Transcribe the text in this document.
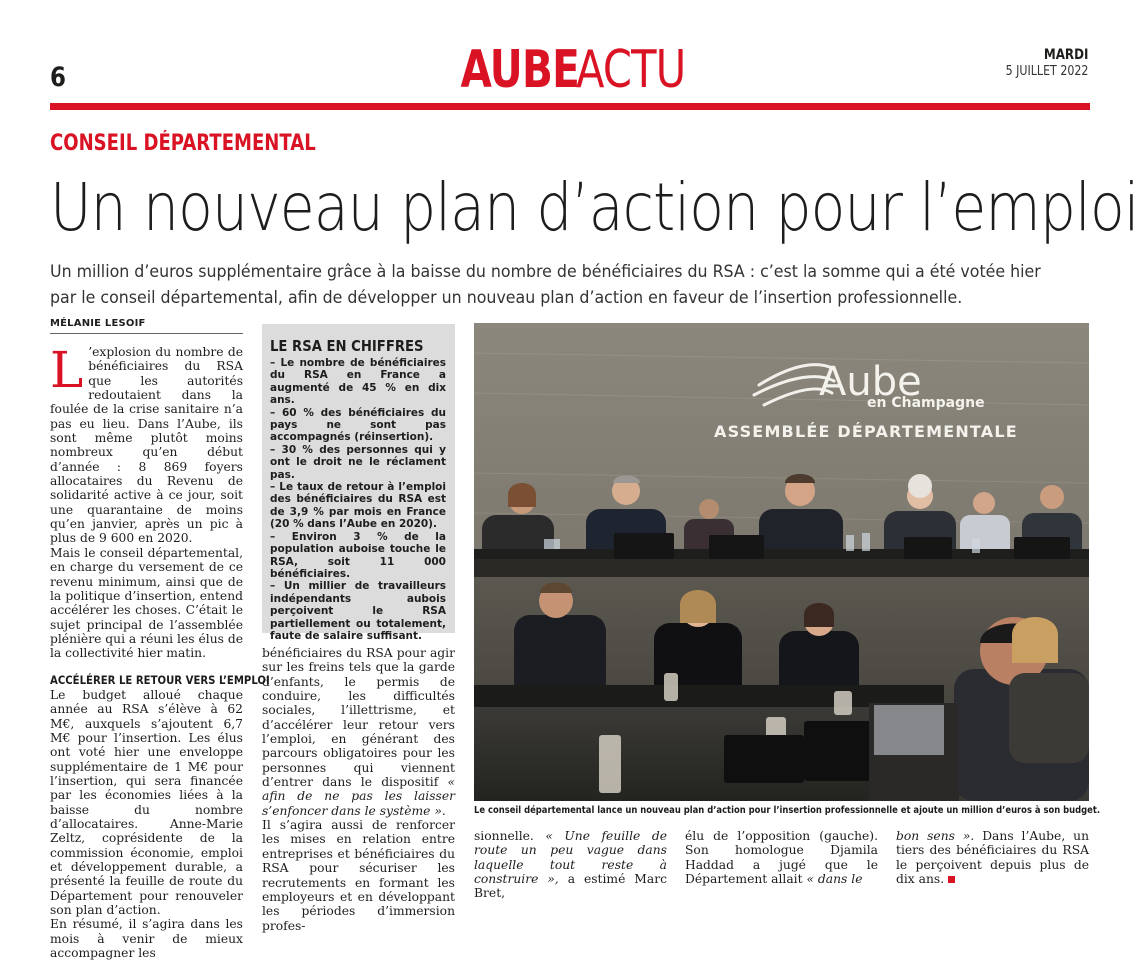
6	AUBE ACTU	MARDI
5 JUILLET 2022
CONSEIL DÉPARTEMENTAL
Un nouveau plan d’action pour l’emploi
Un million d’euros supplémentaire grâce à la baisse du nombre de bénéficiaires du RSA : c’est la somme qui a été votée hier
par le conseil départemental, afin de développer un nouveau plan d’action en faveur de l’insertion professionnelle.
MÉLANIE LESOIF

L ’explosion du nombre de bénéficiaires du RSA que les autorités redoutaient dans la foulée de la crise sanitaire n’a pas eu lieu. Dans l’Aube, ils sont même plutôt moins nombreux qu’en début d’année : 8 869 foyers allocataires du Revenu de solidarité active à ce jour, soit une quarantaine de moins qu’en janvier, après un pic à plus de 9 600 en 2020.

Mais le conseil départemental, en charge du versement de ce revenu minimum, ainsi que de la politique d’insertion, entend accélérer les choses. C’était le sujet principal de l’assemblée plénière qui a réuni les élus de la collectivité hier matin.

ACCÉLÉRER LE RETOUR VERS L’EMPLOI

Le budget alloué chaque année au RSA s’élève à 62 M€, auxquels s’ajoutent 6,7 M€ pour l’insertion. Les élus ont voté hier une enveloppe supplémentaire de 1 M€ pour l’insertion, qui sera financée par les économies liées à la baisse du nombre d’allocataires. Anne-Marie Zeltz, coprésidente de la commission économie, emploi et développement durable, a présenté la feuille de route du Département pour renouveler son plan d’action.

En résumé, il s’agira dans les mois à venir de mieux accompagner les

LE RSA EN CHIFFRES
– Le nombre de bénéficiaires du RSA en France a augmenté de 45 % en dix ans.
– 60 % des bénéficiaires du pays ne sont pas accompagnés (réinsertion).
– 30 % des personnes qui y ont le droit ne le réclament pas.
– Le taux de retour à l’emploi des bénéficiaires du RSA est de 3,9 % par mois en France (20 % dans l’Aube en 2020).
– Environ 3 % de la population auboise touche le RSA, soit 11 000 bénéficiaires.
– Un millier de travailleurs indépendants aubois perçoivent le RSA partiellement ou totalement, faute de salaire suffisant.

bénéficiaires du RSA pour agir sur les freins tels que la garde d’enfants, le permis de conduire, les difficultés sociales, l’illettrisme, et d’accélérer leur retour vers l’emploi, en générant des parcours obligatoires pour les personnes qui viennent d’entrer dans le dispositif « afin de ne pas les laisser s’enfoncer dans le système ».

Il s’agira aussi de renforcer les mises en relation entre entreprises et bénéficiaires du RSA pour sécuriser les recrutements en formant les employeurs et en développant les périodes d’immersion profes-

Aube
en Champagne
ASSEMBLÉE DÉPARTEMENTALE
Le conseil départemental lance un nouveau plan d’action pour l’insertion professionnelle et ajoute un million d’euros à son budget.

sionnelle. « Une feuille de route un peu vague dans laquelle tout reste à construire », a estimé Marc Bret,

élu de l’opposition (gauche). Son homologue Djamila Haddad a jugé que le Département allait « dans le

bon sens ». Dans l’Aube, un tiers des bénéficiaires du RSA le perçoivent depuis plus de dix ans.
